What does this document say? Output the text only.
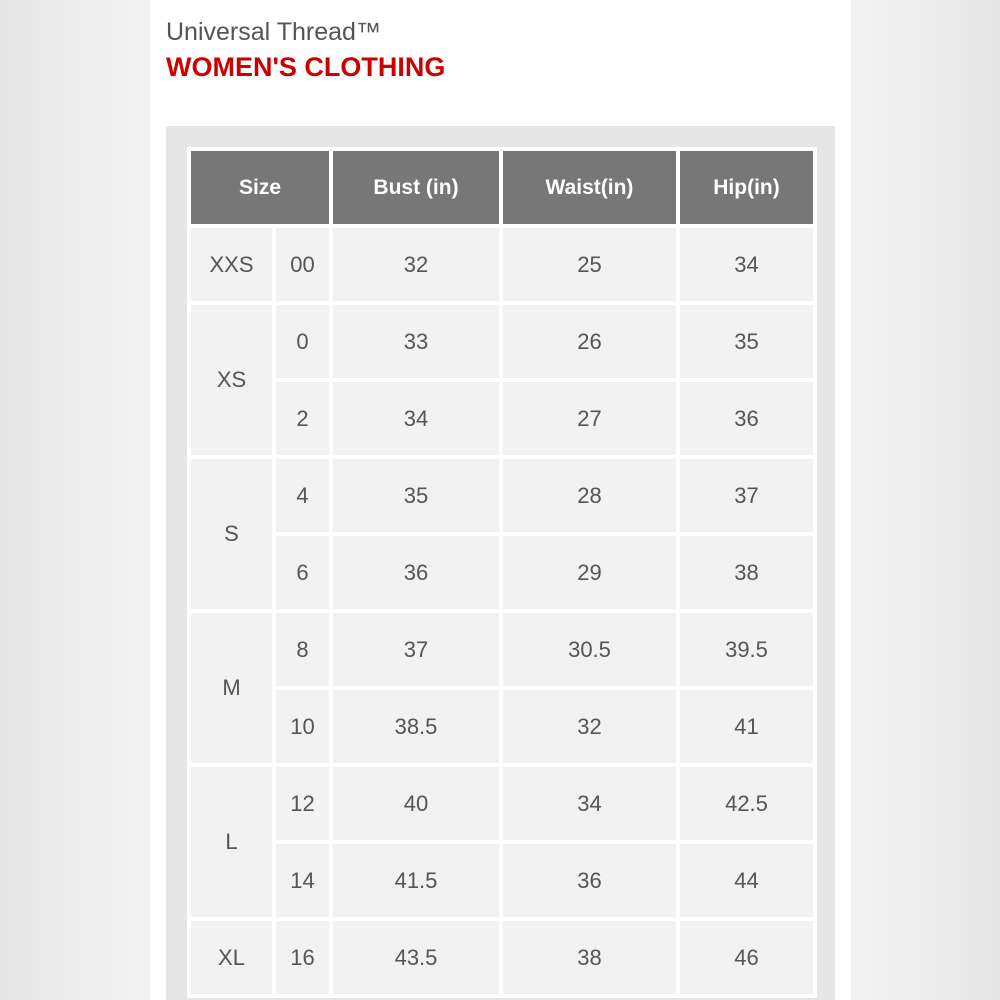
Universal Thread™
WOMEN'S CLOTHING
Size		Bust (in)	Waist(in)	Hip(in)
XXS	00	32	25	34
XS	0	33	26	35
	2	34	27	36
S	4	35	28	37
	6	36	29	38
M	8	37	30.5	39.5
	10	38.5	32	41
L	12	40	34	42.5
	14	41.5	36	44
XL	16	43.5	38	46
